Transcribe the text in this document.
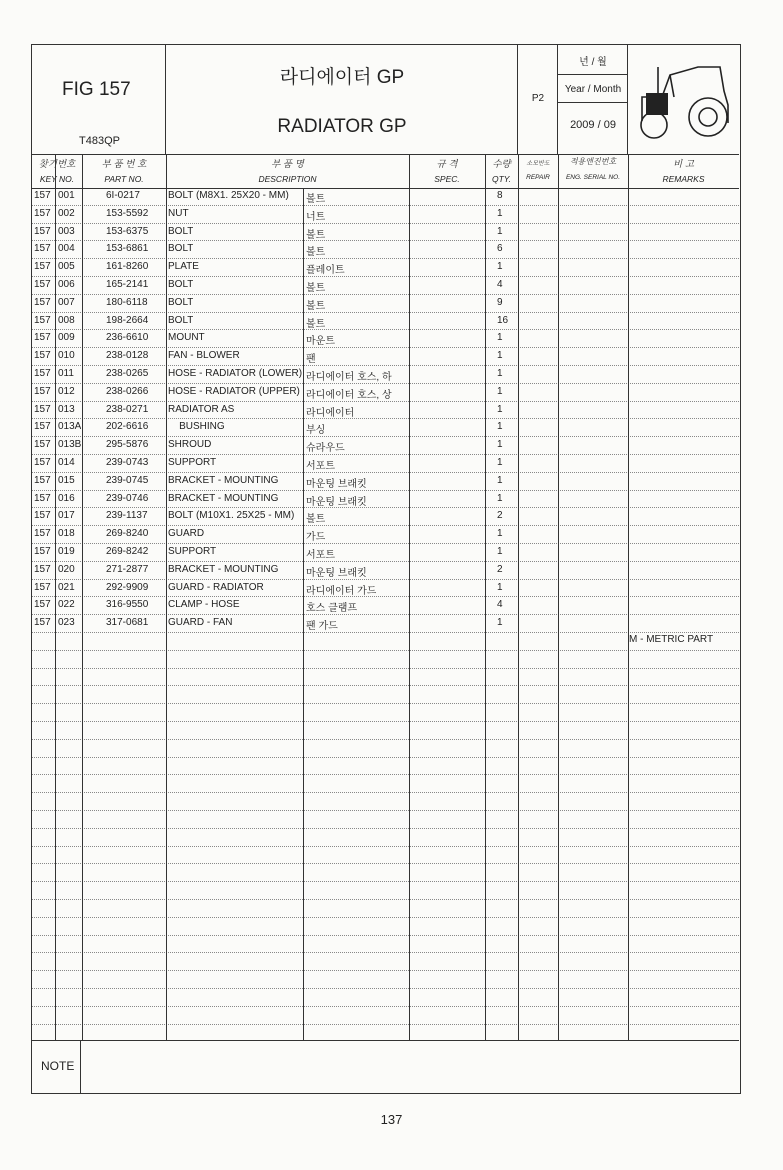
FIG 157
T483QP
라디에이터 GP
RADIATOR GP
P2
년 / 월
Year / Month
2009 / 09
찾기번호
KEY NO.
부 품 번 호
PART NO.
부 품 명
DESCRIPTION
규 격
SPEC.
수량
QTY.
소모반도
REPAIR
적용엔진번호
ENG. SERIAL NO.
비 고
REMARKS
157 001	6I-0217	BOLT (M8X1. 25X20 - MM) 볼트	8
157 002	153-5592 NUT	너트	1
157 003	153-6375 BOLT	볼트	1
157 004	153-6861 BOLT	볼트	6
157 005	161-8260 PLATE	플레이트	1
157 006	165-2141 BOLT	볼트	4
157 007	180-6118 BOLT	볼트	9
157 008	198-2664 BOLT	볼트	16
157 009	236-6610 MOUNT	마운트	1
157 010	238-0128 FAN - BLOWER	팬	1
157 011	238-0265 HOSE - RADIATOR (LOWER) 라디에이터 호스, 하	1
157 012	238-0266 HOSE - RADIATOR (UPPER) 라디에이터 호스, 상	1
157 013	238-0271 RADIATOR AS	라디에이터	1
157 013A 202-6616 BUSHING	부싱	1
157 013B 295-5876 SHROUD	슈라우드	1
157 014	239-0743 SUPPORT	서포트	1
157 015	239-0745 BRACKET - MOUNTING	마운팅 브래킷	1
157 016	239-0746 BRACKET - MOUNTING	마운팅 브래킷	1
157 017	239-1137 BOLT (M10X1. 25X25 - MM) 볼트	2
157 018	269-8240 GUARD	가드	1
157 019	269-8242 SUPPORT	서포트	1
157 020	271-2877 BRACKET - MOUNTING	마운팅 브래킷	2
157 021	292-9909 GUARD - RADIATOR	라디에이터 가드	1
157 022	316-9550 CLAMP - HOSE	호스 클램프	4
157 023	317-0681 GUARD - FAN	팬 가드	1
M - METRIC PART
NOTE
137
